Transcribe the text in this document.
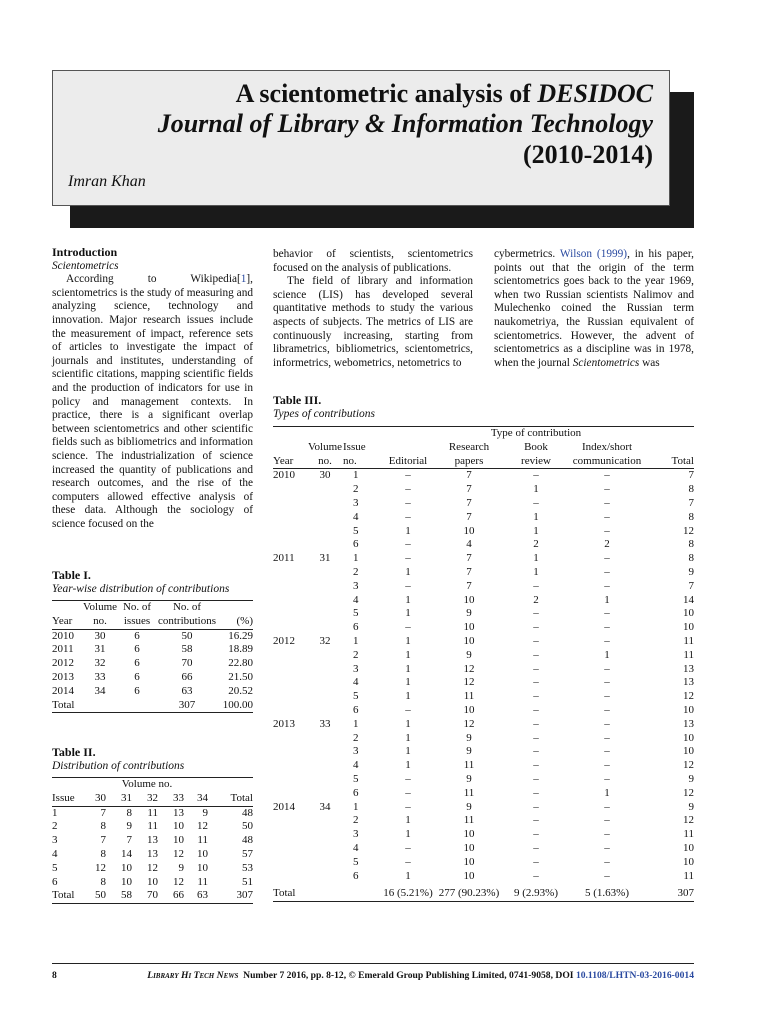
A scientometric analysis of DESIDOC
Journal of Library & Information Technology
(2010-2014)
Imran Khan

Introduction

Scientometrics

According to Wikipedia[1], scientometrics is the study of measuring and analyzing science, technology and innovation. Major research issues include the measurement of impact, reference sets of articles to investigate the impact of journals and institutes, understanding of scientific citations, mapping scientific fields and the production of indicators for use in policy and management contexts. In practice, there is a significant overlap between scientometrics and other scientific fields such as bibliometrics and information science. The industrialization of science increased the quantity of publications and research outcomes, and the rise of the computers allowed effective analysis of these data. Although the sociology of science focused on the

behavior of scientists, scientometrics focused on the analysis of publications.

The field of library and information science (LIS) has developed several quantitative methods to study the various aspects of subjects. The metrics of LIS are continuously increasing, starting from librametrics, bibliometrics, scientometrics, informetrics, webometrics, netometrics to

cybermetrics. Wilson (1999), in his paper, points out that the origin of the term scientometrics goes back to the year 1969, when two Russian scientists Nalimov and Mulechenko coined the Russian term naukometriya, the Russian equivalent of scientometrics. However, the advent of scientometrics as a discipline was in 1978, when the journal Scientometrics was

Table I.

Year-wise distribution of contributions

	Volume	No. of	No. of	
Year	no.	issues	contributions	(%)
2010	30	6	50	16.29
2011	31	6	58	18.89
2012	32	6	70	22.80
2013	33	6	66	21.50
2014	34	6	63	20.52
Total			307	100.00

Table II.

Distribution of contributions

	Volume no.					
Issue	30	31	32	33	34	Total
1	7	8	11	13	9	48
2	8	9	11	10	12	50
3	7	7	13	10	11	48
4	8	14	13	12	10	57
5	12	10	12	9	10	53
6	8	10	10	12	11	51
Total	50	58	70	66	63	307

Table III.

Types of contributions

			Type of contribution				
	Volume	Issue		Research	Book	Index/short	
Year	no.	no.	Editorial	papers	review	communication	Total
2010	30	1	–	7	–	–	7
		2	–	7	1	–	8
		3	–	7	–	–	7
		4	–	7	1	–	8
		5	1	10	1	–	12
		6	–	4	2	2	8
2011	31	1	–	7	1	–	8
		2	1	7	1	–	9
		3	–	7	–	–	7
		4	1	10	2	1	14
		5	1	9	–	–	10
		6	–	10	–	–	10
2012	32	1	1	10	–	–	11
		2	1	9	–	1	11
		3	1	12	–	–	13
		4	1	12	–	–	13
		5	1	11	–	–	12
		6	–	10	–	–	10
2013	33	1	1	12	–	–	13
		2	1	9	–	–	10
		3	1	9	–	–	10
		4	1	11	–	–	12
		5	–	9	–	–	9
		6	–	11	–	1	12
2014	34	1	–	9	–	–	9
		2	1	11	–	–	12
		3	1	10	–	–	11
		4	–	10	–	–	10
		5	–	10	–	–	10
		6	1	10	–	–	11
Total			16 (5.21%)	277 (90.23%)	9 (2.93%)	5 (1.63%)	307
8	Library Hi Tech News Number 7 2016, pp. 8-12, © Emerald Group Publishing Limited, 0741-9058, DOI 10.1108/LHTN-03-2016-0014
